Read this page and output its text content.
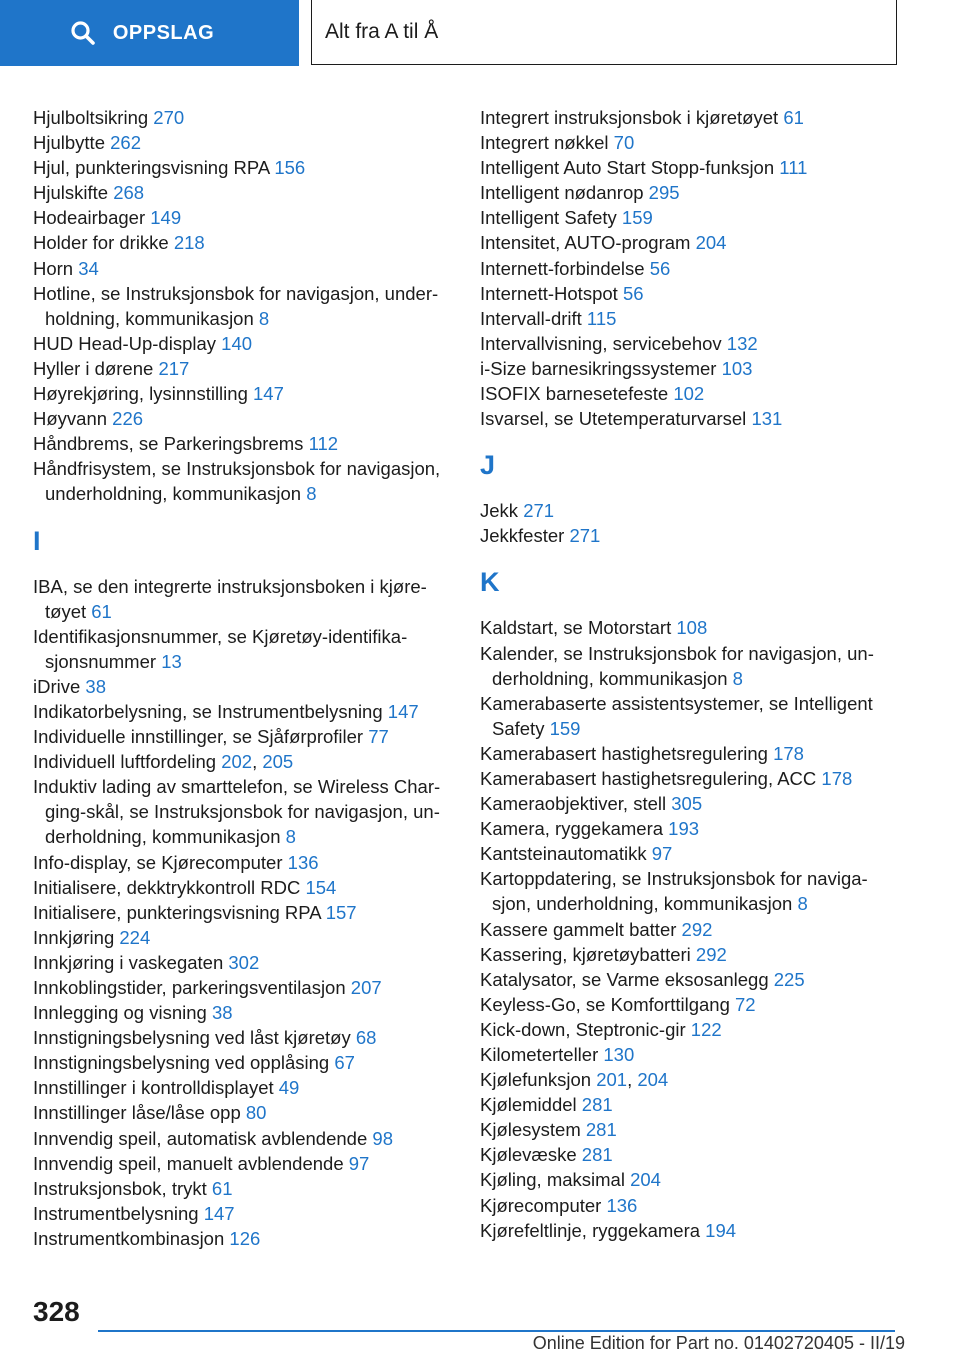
OPPSLAG	Alt fra A til Å
Hjulboltsikring 270
Hjulbytte 262
Hjul, punkteringsvisning RPA 156
Hjulskifte 268
Hodeairbager 149
Holder for drikke 218
Horn 34
Hotline, se Instruksjonsbok for navigasjon, underholdning, kommunikasjon 8
HUD Head-Up-display 140
Hyller i dørene 217
Høyrekjøring, lysinnstilling 147
Høyvann 226
Håndbrems, se Parkeringsbrems 112
Håndfrisystem, se Instruksjonsbok for navigasjon, underholdning, kommunikasjon 8
I
IBA, se den integrerte instruksjonsboken i kjøretøyet 61
Identifikasjonsnummer, se Kjøretøy-identifikasjonsnummer 13
iDrive 38
Indikatorbelysning, se Instrumentbelysning 147
Individuelle innstillinger, se Sjåførprofiler 77
Individuell luftfordeling 202, 205
Induktiv lading av smarttelefon, se Wireless Charging-skål, se Instruksjonsbok for navigasjon, underholdning, kommunikasjon 8
Info-display, se Kjørecomputer 136
Initialisere, dekktrykkontroll RDC 154
Initialisere, punkteringsvisning RPA 157
Innkjøring 224
Innkjøring i vaskegaten 302
Innkoblingstider, parkeringsventilasjon 207
Innlegging og visning 38
Innstigningsbelysning ved låst kjøretøy 68
Innstigningsbelysning ved opplåsing 67
Innstillinger i kontrolldisplayet 49
Innstillinger låse/låse opp 80
Innvendig speil, automatisk avblendende 98
Innvendig speil, manuelt avblendende 97
Instruksjonsbok, trykt 61
Instrumentbelysning 147
Instrumentkombinasjon 126
Integrert instruksjonsbok i kjøretøyet 61
Integrert nøkkel 70
Intelligent Auto Start Stopp-funksjon 111
Intelligent nødanrop 295
Intelligent Safety 159
Intensitet, AUTO-program 204
Internett-forbindelse 56
Internett-Hotspot 56
Intervall-drift 115
Intervallvisning, servicebehov 132
i-Size barnesikringssystemer 103
ISOFIX barnesetefeste 102
Isvarsel, se Utetemperaturvarsel 131
J
Jekk 271
Jekkfester 271
K
Kaldstart, se Motorstart 108
Kalender, se Instruksjonsbok for navigasjon, underholdning, kommunikasjon 8
Kamerabaserte assistentsystemer, se Intelligent Safety 159
Kamerabasert hastighetsregulering 178
Kamerabasert hastighetsregulering, ACC 178
Kameraobjektiver, stell 305
Kamera, ryggekamera 193
Kantsteinautomatikk 97
Kartoppdatering, se Instruksjonsbok for navigasjon, underholdning, kommunikasjon 8
Kassere gammelt batter 292
Kassering, kjøretøybatteri 292
Katalysator, se Varme eksosanlegg 225
Keyless-Go, se Komforttilgang 72
Kick-down, Steptronic-gir 122
Kilometerteller 130
Kjølefunksjon 201, 204
Kjølemiddel 281
Kjølesystem 281
Kjølevæske 281
Kjøling, maksimal 204
Kjørecomputer 136
Kjørefeltlinje, ryggekamera 194
328
Online Edition for Part no. 01402720405 - II/19
